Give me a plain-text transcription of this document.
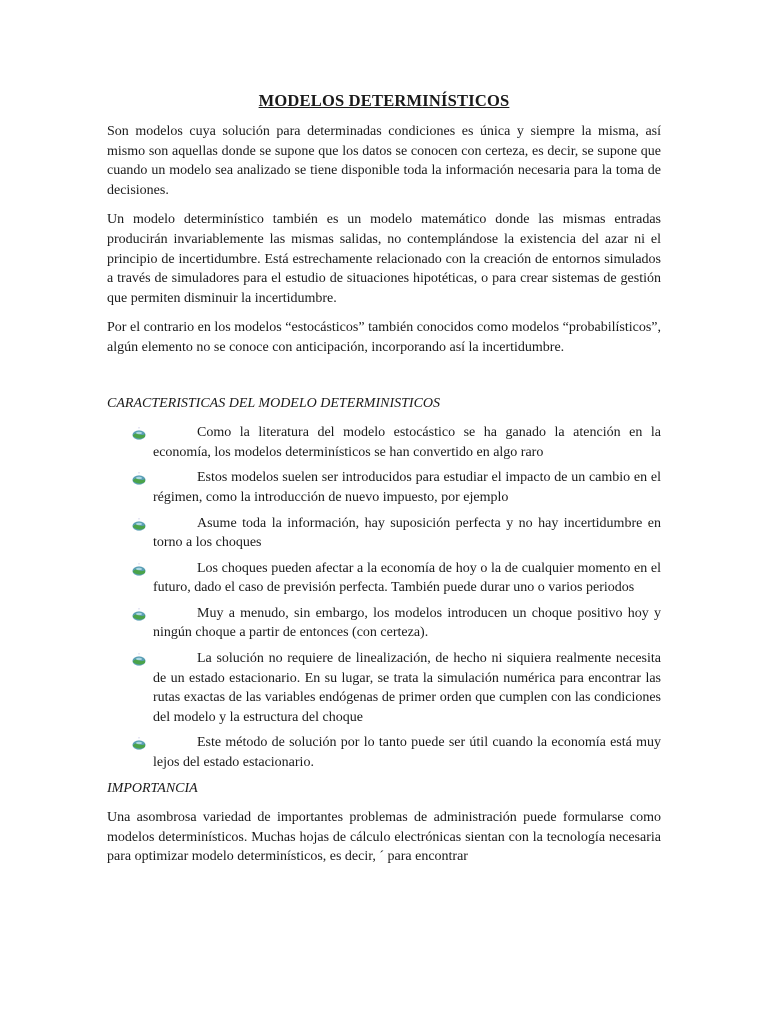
MODELOS DETERMINÍSTICOS

Son modelos cuya solución para determinadas condiciones es única y siempre la misma, así mismo son aquellas donde se supone que los datos se conocen con certeza, es decir, se supone que cuando un modelo sea analizado se tiene disponible toda la información necesaria para la toma de decisiones.

Un modelo determinístico también es un modelo matemático donde las mismas entradas producirán invariablemente las mismas salidas, no contemplándose la existencia del azar ni el principio de incertidumbre. Está estrechamente relacionado con la creación de entornos simulados a través de simuladores para el estudio de situaciones hipotéticas, o para crear sistemas de gestión que permiten disminuir la incertidumbre.

Por el contrario en los modelos “estocásticos” también conocidos como modelos “probabilísticos”, algún elemento no se conoce con anticipación, incorporando así la incertidumbre.

CARACTERISTICAS DEL MODELO DETERMINISTICOS
Como la literatura del modelo estocástico se ha ganado la atención en la economía, los modelos determinísticos se han convertido en algo raro
Estos modelos suelen ser introducidos para estudiar el impacto de un cambio en el régimen, como la introducción de nuevo impuesto, por ejemplo
Asume toda la información, hay suposición perfecta y no hay incertidumbre en torno a los choques
Los choques pueden afectar a la economía de hoy o la de cualquier momento en el futuro, dado el caso de previsión perfecta. También puede durar uno o varios periodos
Muy a menudo, sin embargo, los modelos introducen un choque positivo hoy y ningún choque a partir de entonces (con certeza).
La solución no requiere de linealización, de hecho ni siquiera realmente necesita de un estado estacionario. En su lugar, se trata la simulación numérica para encontrar las rutas exactas de las variables endógenas de primer orden que cumplen con las condiciones del modelo y la estructura del choque
Este método de solución por lo tanto puede ser útil cuando la economía está muy lejos del estado estacionario.
IMPORTANCIA

Una asombrosa variedad de importantes problemas de administración puede formularse como modelos determinísticos. Muchas hojas de cálculo electrónicas sientan con la tecnología necesaria para optimizar modelo determinísticos, es decir, ´ para encontrar
